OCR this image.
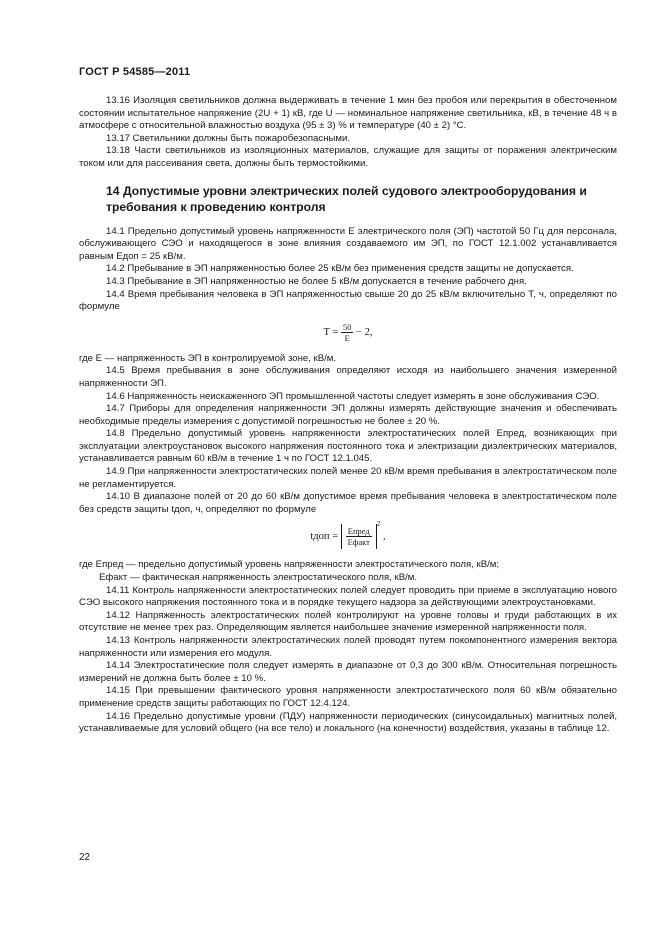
ГОСТ Р 54585—2011

13.16 Изоляция светильников должна выдерживать в течение 1 мин без пробоя или перекрытия в обесточенном состоянии испытательное напряжение (2U + 1) кВ, где U — номинальное напряжение светильника, кВ, в течение 48 ч в атмосфере с относительной влажностью воздуха (95 ± 3) % и температуре (40 ± 2) °С.

13.17 Светильники должны быть пожаробезопасными.

13.18 Части светильников из изоляционных материалов, служащие для защиты от поражения электрическим током или для рассеивания света, должны быть термостойкими.

14 Допустимые уровни электрических полей судового электрооборудования и требования к проведению контроля

14.1 Предельно допустимый уровень напряженности E электрического поля (ЭП) частотой 50 Гц для персонала, обслуживающего СЭО и находящегося в зоне влияния создаваемого им ЭП, по ГОСТ 12.1.002 устанавливается равным Eдоп = 25 кВ/м.

14.2 Пребывание в ЭП напряженностью более 25 кВ/м без применения средств защиты не допускается.

14.3 Пребывание в ЭП напряженностью не более 5 кВ/м допускается в течение рабочего дня.

14.4 Время пребывания человека в ЭП напряженностью свыше 20 до 25 кВ/м включительно Т, ч, определяют по формуле

$T = \frac{50}{E} - 2$,

где Е — напряженность ЭП в контролируемой зоне, кВ/м.

14.5 Время пребывания в зоне обслуживания определяют исходя из наибольшего значения измеренной напряженности ЭП.

14.6 Напряженность неискаженного ЭП промышленной частоты следует измерять в зоне обслуживания СЭО.

14.7 Приборы для определения напряженности ЭП должны измерять действующие значения и обеспечивать необходимые пределы измерения с допустимой погрешностью не более ± 20 %.

14.8 Предельно допустимый уровень напряженности электростатических полей Eпред, возникающих при эксплуатации электроустановок высокого напряжения постоянного тока и электризации диэлектрических материалов, устанавливается равным 60 кВ/м в течение 1 ч по ГОСТ 12.1.045.

14.9 При напряженности электростатических полей менее 20 кВ/м время пребывания в электростатическом поле не регламентируется.

14.10 В диапазоне полей от 20 до 60 кВ/м допустимое время пребывания человека в электростатическом поле без средств защиты tдоп, ч, определяют по формуле

tдоп = $\frac{\text{Eпред}}{\text{Eфакт}}$
$^2$ ,

где Eпред — предельно допустимый уровень напряженности электростатического поля, кВ/м;

Eфакт — фактическая напряженность электростатического поля, кВ/м.

14.11 Контроль напряженности электростатических полей следует проводить при приеме в эксплуатацию нового СЭО высокого напряжения постоянного тока и в порядке текущего надзора за действующими электроустановками.

14.12 Напряженность электростатических полей контролируют на уровне головы и груди работающих в их отсутствие не менее трех раз. Определяющим является наибольшее значение измеренной напряженности поля.

14.13 Контроль напряженности электростатических полей проводят путем покомпонентного измерения вектора напряженности или измерения его модуля.

14.14 Электростатические поля следует измерять в диапазоне от 0,3 до 300 кВ/м. Относительная погрешность измерений не должна быть более ± 10 %.

14.15 При превышении фактического уровня напряженности электростатического поля 60 кВ/м обязательно применение средств защиты работающих по ГОСТ 12.4.124.

14.16 Предельно допустимые уровни (ПДУ) напряженности периодических (синусоидальных) магнитных полей, устанавливаемые для условий общего (на все тело) и локального (на конечности) воздействия, указаны в таблице 12.

22
